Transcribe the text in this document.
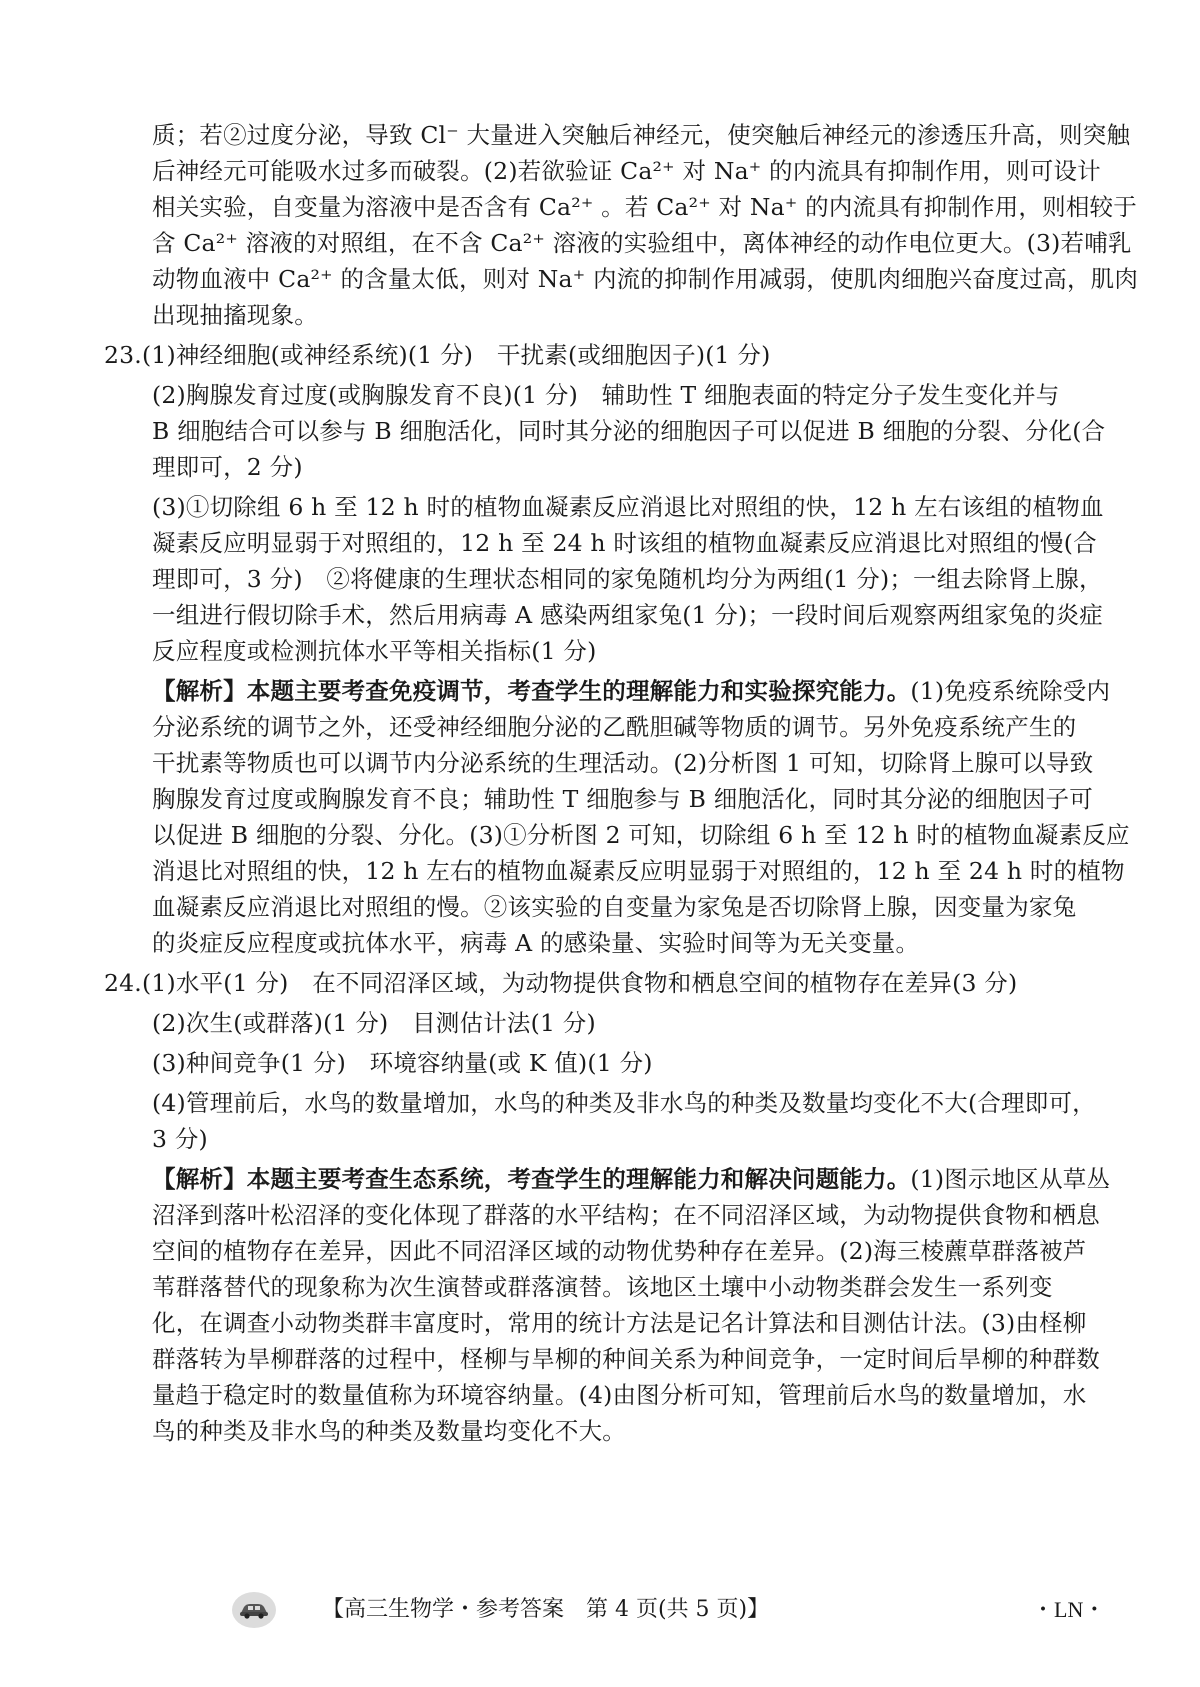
质；若②过度分泌，导致 Cl⁻ 大量进入突触后神经元，使突触后神经元的渗透压升高，则突触
后神经元可能吸水过多而破裂。(2)若欲验证 Ca²⁺ 对 Na⁺ 的内流具有抑制作用，则可设计
相关实验，自变量为溶液中是否含有 Ca²⁺ 。若 Ca²⁺ 对 Na⁺ 的内流具有抑制作用，则相较于
含 Ca²⁺ 溶液的对照组，在不含 Ca²⁺ 溶液的实验组中，离体神经的动作电位更大。(3)若哺乳
动物血液中 Ca²⁺ 的含量太低，则对 Na⁺ 内流的抑制作用减弱，使肌肉细胞兴奋度过高，肌肉
出现抽搐现象。
23.(1)神经细胞(或神经系统)(1 分)　干扰素(或细胞因子)(1 分)
(2)胸腺发育过度(或胸腺发育不良)(1 分)　辅助性 T 细胞表面的特定分子发生变化并与
B 细胞结合可以参与 B 细胞活化，同时其分泌的细胞因子可以促进 B 细胞的分裂、分化(合
理即可，2 分)
(3)①切除组 6 h 至 12 h 时的植物血凝素反应消退比对照组的快，12 h 左右该组的植物血
凝素反应明显弱于对照组的，12 h 至 24 h 时该组的植物血凝素反应消退比对照组的慢(合
理即可，3 分)　②将健康的生理状态相同的家兔随机均分为两组(1 分)；一组去除肾上腺，
一组进行假切除手术，然后用病毒 A 感染两组家兔(1 分)；一段时间后观察两组家兔的炎症
反应程度或检测抗体水平等相关指标(1 分)
【解析】本题主要考查免疫调节，考查学生的理解能力和实验探究能力。(1)免疫系统除受内
分泌系统的调节之外，还受神经细胞分泌的乙酰胆碱等物质的调节。另外免疫系统产生的
干扰素等物质也可以调节内分泌系统的生理活动。(2)分析图 1 可知，切除肾上腺可以导致
胸腺发育过度或胸腺发育不良；辅助性 T 细胞参与 B 细胞活化，同时其分泌的细胞因子可
以促进 B 细胞的分裂、分化。(3)①分析图 2 可知，切除组 6 h 至 12 h 时的植物血凝素反应
消退比对照组的快，12 h 左右的植物血凝素反应明显弱于对照组的，12 h 至 24 h 时的植物
血凝素反应消退比对照组的慢。②该实验的自变量为家兔是否切除肾上腺，因变量为家兔
的炎症反应程度或抗体水平，病毒 A 的感染量、实验时间等为无关变量。
24.(1)水平(1 分)　在不同沼泽区域，为动物提供食物和栖息空间的植物存在差异(3 分)
(2)次生(或群落)(1 分)　目测估计法(1 分)
(3)种间竞争(1 分)　环境容纳量(或 K 值)(1 分)
(4)管理前后，水鸟的数量增加，水鸟的种类及非水鸟的种类及数量均变化不大(合理即可，
3 分)
【解析】本题主要考查生态系统，考查学生的理解能力和解决问题能力。(1)图示地区从草丛
沼泽到落叶松沼泽的变化体现了群落的水平结构；在不同沼泽区域，为动物提供食物和栖息
空间的植物存在差异，因此不同沼泽区域的动物优势种存在差异。(2)海三棱藨草群落被芦
苇群落替代的现象称为次生演替或群落演替。该地区土壤中小动物类群会发生一系列变
化，在调查小动物类群丰富度时，常用的统计方法是记名计算法和目测估计法。(3)由柽柳
群落转为旱柳群落的过程中，柽柳与旱柳的种间关系为种间竞争，一定时间后旱柳的种群数
量趋于稳定时的数量值称为环境容纳量。(4)由图分析可知，管理前后水鸟的数量增加，水
鸟的种类及非水鸟的种类及数量均变化不大。
【高三生物学・参考答案　第 4 页(共 5 页)】	・LN・
